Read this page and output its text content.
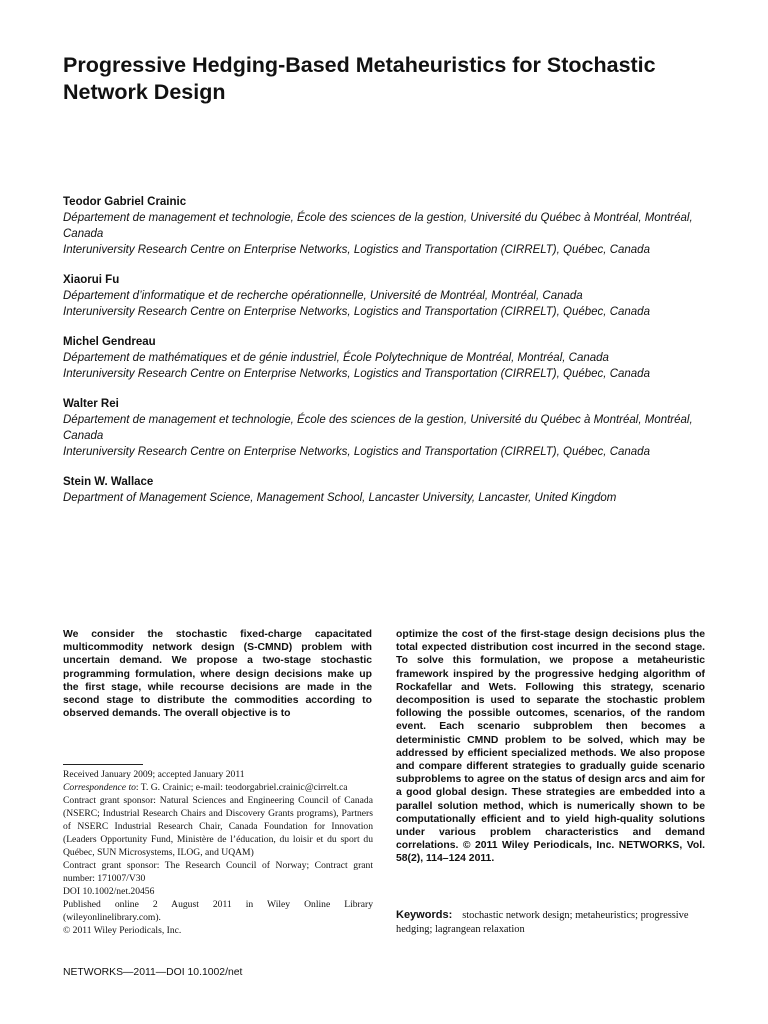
Progressive Hedging-Based Metaheuristics for Stochastic Network Design
Teodor Gabriel Crainic
Département de management et technologie, École des sciences de la gestion, Université du Québec à Montréal, Montréal, Canada
Interuniversity Research Centre on Enterprise Networks, Logistics and Transportation (CIRRELT), Québec, Canada
Xiaorui Fu
Département d’informatique et de recherche opérationnelle, Université de Montréal, Montréal, Canada
Interuniversity Research Centre on Enterprise Networks, Logistics and Transportation (CIRRELT), Québec, Canada
Michel Gendreau
Département de mathématiques et de génie industriel, École Polytechnique de Montréal, Montréal, Canada
Interuniversity Research Centre on Enterprise Networks, Logistics and Transportation (CIRRELT), Québec, Canada
Walter Rei
Département de management et technologie, École des sciences de la gestion, Université du Québec à Montréal, Montréal, Canada
Interuniversity Research Centre on Enterprise Networks, Logistics and Transportation (CIRRELT), Québec, Canada
Stein W. Wallace
Department of Management Science, Management School, Lancaster University, Lancaster, United Kingdom
We consider the stochastic fixed-charge capacitated multicommodity network design (S-CMND) problem with uncertain demand. We propose a two-stage stochastic programming formulation, where design decisions make up the first stage, while recourse decisions are made in the second stage to distribute the commodities according to observed demands. The overall objective is to
optimize the cost of the first-stage design decisions plus the total expected distribution cost incurred in the second stage. To solve this formulation, we propose a metaheuristic framework inspired by the progressive hedging algorithm of Rockafellar and Wets. Following this strategy, scenario decomposition is used to separate the stochastic problem following the possible outcomes, scenarios, of the random event. Each scenario subproblem then becomes a deterministic CMND problem to be solved, which may be addressed by efficient specialized methods. We also propose and compare different strategies to gradually guide scenario subproblems to agree on the status of design arcs and aim for a good global design. These strategies are embedded into a parallel solution method, which is numerically shown to be computationally efficient and to yield high-quality solutions under various problem characteristics and demand correlations. © 2011 Wiley Periodicals, Inc. NETWORKS, Vol. 58(2), 114–124 2011.
Received January 2009; accepted January 2011
Correspondence to: T. G. Crainic; e-mail: teodorgabriel.crainic@cirrelt.ca
Contract grant sponsor: Natural Sciences and Engineering Council of Canada (NSERC; Industrial Research Chairs and Discovery Grants programs), Partners of NSERC Industrial Research Chair, Canada Foundation for Innovation (Leaders Opportunity Fund, Ministère de l’éducation, du loisir et du sport du Québec, SUN Microsystems, ILOG, and UQAM)
Contract grant sponsor: The Research Council of Norway; Contract grant number: 171007/V30
DOI 10.1002/net.20456
Published online 2 August 2011 in Wiley Online Library (wileyonlinelibrary.com).
© 2011 Wiley Periodicals, Inc.
Keywords: stochastic network design; metaheuristics; progressive hedging; lagrangean relaxation
NETWORKS—2011—DOI 10.1002/net
